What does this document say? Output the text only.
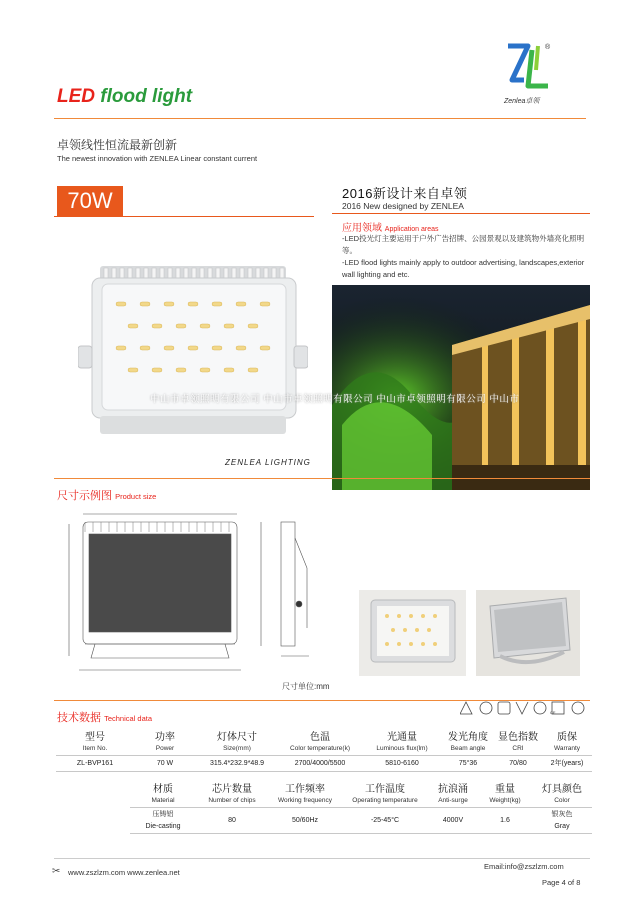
LED flood light
®
Zenlea卓领
卓领线性恒流最新创新
The newest innovation with ZENLEA Linear constant current
70W	2016新设计来自卓领
2016 New designed by ZENLEA
应用领域 Application areas
-LED投光灯主要运用于户外广告招牌、公园景观以及建筑物外墙亮化照明等。
-LED flood lights mainly apply to outdoor advertising, landscapes,exterior wall lighting and etc.
ZENLEA LIGHTING
中山市卓领照明有限公司 中山市卓领照明有限公司 中山市卓领照明有限公司 中山市
尺寸示例图 Product size
尺寸单位:mm
技术数据 Technical data
CE
型号	功率	灯体尺寸	色温	光通量	发光角度	显色指数	质保
Item No.	Power	Size(mm)	Color temperature(k)	Luminous flux(lm)	Beam angle	CRI	Warranty
ZL-BVP161	70 W	315.4*232.9*48.9	2700/4000/5500	5810-6160	75°36	70/80	2年(years)
材质	芯片数量	工作频率	工作温度	抗浪涌	重量	灯具颜色
Material	Number of chips	Working frequency	Operating temperature	Anti-surge	Weight(kg)	Color
压铸铝	80	50/60Hz	-25-45°C	4000V	1.6	银灰色
Die-casting						Gray
✂ www.zszlzm.com www.zenlea.net
Email:info@zszlzm.com
Page 4 of 8
